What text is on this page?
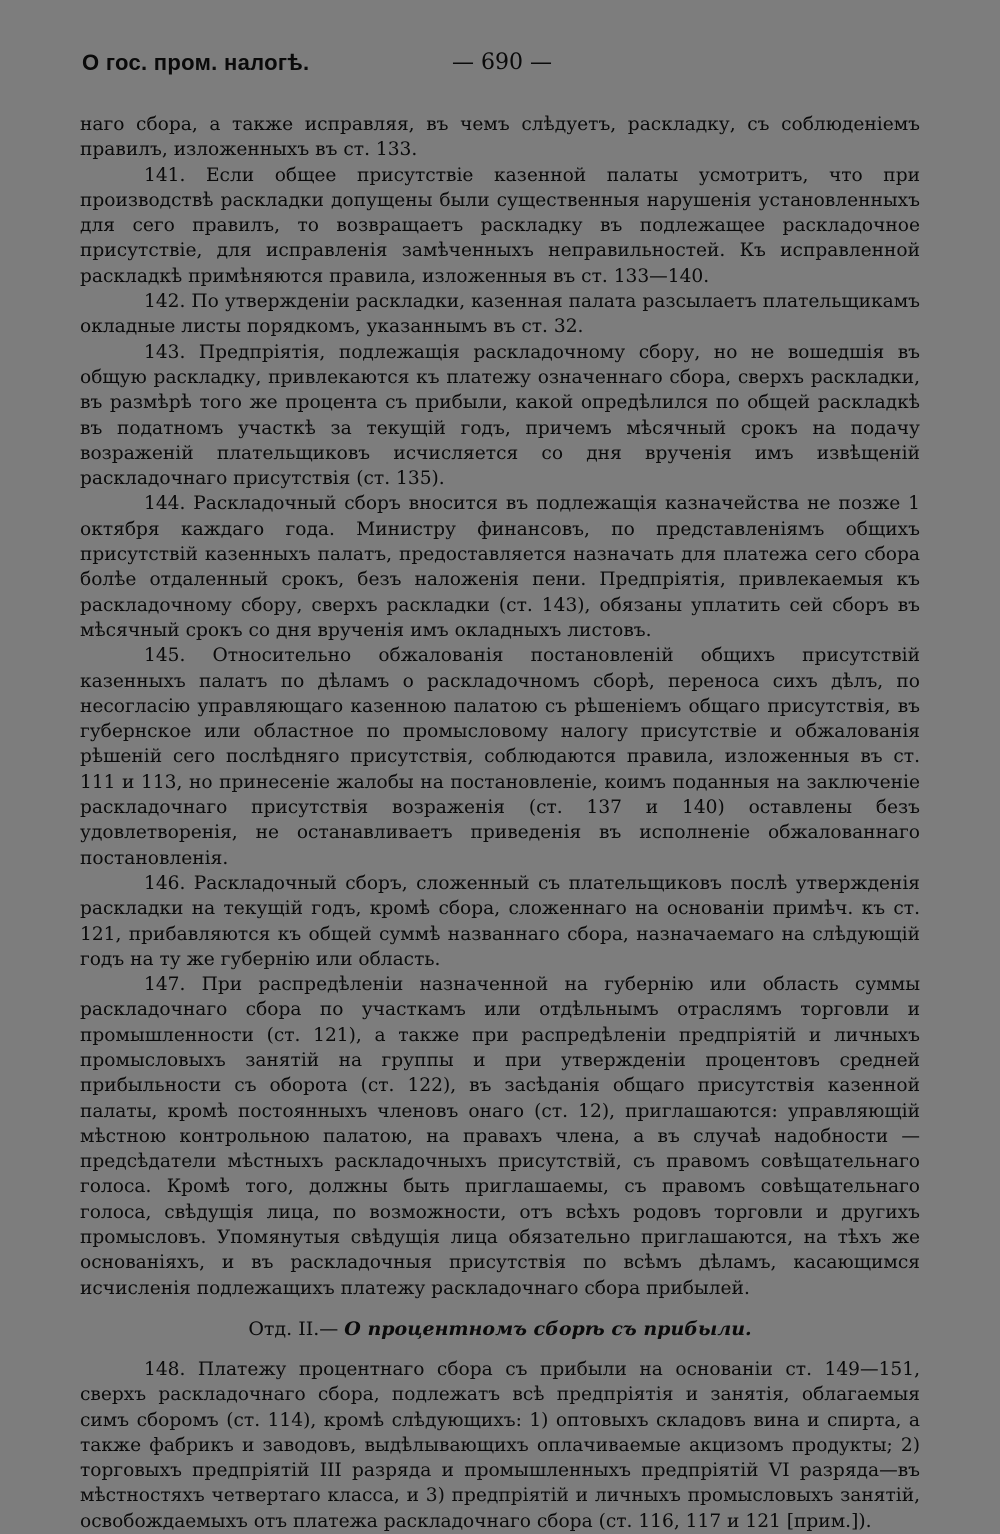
О гос. пром. налогѣ.	— 690 —

наго сбора, а также исправляя, въ чемъ слѣдуетъ, раскладку, съ соблюденіемъ правилъ, изложенныхъ въ ст. 133.

141. Если общее присутствіе казенной палаты усмотритъ, что при производствѣ раскладки допущены были существенныя нарушенія установленныхъ для сего правилъ, то возвращаетъ раскладку въ подлежащее раскладочное присутствіе, для исправленія замѣченныхъ неправильностей. Къ исправленной раскладкѣ примѣняются правила, изложенныя въ ст. 133—140.

142. По утвержденіи раскладки, казенная палата разсылаетъ плательщикамъ окладные листы порядкомъ, указаннымъ въ ст. 32.

143. Предпріятія, подлежащія раскладочному сбору, но не вошедшія въ общую раскладку, привлекаются къ платежу означеннаго сбора, сверхъ раскладки, въ размѣрѣ того же процента съ прибыли, какой опредѣлился по общей раскладкѣ въ податномъ участкѣ за текущій годъ, причемъ мѣсячный срокъ на подачу возраженій плательщиковъ исчисляется со дня врученія имъ извѣщеній раскладочнаго присутствія (ст. 135).

144. Раскладочный сборъ вносится въ подлежащія казначейства не позже 1 октября каждаго года. Министру финансовъ, по представленіямъ общихъ присутствій казенныхъ палатъ, предоставляется назначать для платежа сего сбора болѣе отдаленный срокъ, безъ наложенія пени. Предпріятія, привлекаемыя къ раскладочному сбору, сверхъ раскладки (ст. 143), обязаны уплатить сей сборъ въ мѣсячный срокъ со дня врученія имъ окладныхъ листовъ.

145. Относительно обжалованія постановленій общихъ присутствій казенныхъ палатъ по дѣламъ о раскладочномъ сборѣ, переноса сихъ дѣлъ, по несогласію управляющаго казенною палатою съ рѣшеніемъ общаго присутствія, въ губернское или областное по промысловому налогу присутствіе и обжалованія рѣшеній сего послѣдняго присутствія, соблюдаются правила, изложенныя въ ст. 111 и 113, но принесеніе жалобы на постановленіе, коимъ поданныя на заключеніе раскладочнаго присутствія возраженія (ст. 137 и 140) оставлены безъ удовлетворенія, не останавливаетъ приведенія въ исполненіе обжалованнаго постановленія.

146. Раскладочный сборъ, сложенный съ плательщиковъ послѣ утвержденія раскладки на текущій годъ, кромѣ сбора, сложеннаго на основаніи примѣч. къ ст. 121, прибавляются къ общей суммѣ названнаго сбора, назначаемаго на слѣдующій годъ на ту же губернію или область.

147. При распредѣленіи назначенной на губернію или область суммы раскладочнаго сбора по участкамъ или отдѣльнымъ отраслямъ торговли и промышленности (ст. 121), а также при распредѣленіи предпріятій и личныхъ промысловыхъ занятій на группы и при утвержденіи процентовъ средней прибыльности съ оборота (ст. 122), въ засѣданія общаго присутствія казенной палаты, кромѣ постоянныхъ членовъ онаго (ст. 12), приглашаются: управляющій мѣстною контрольною палатою, на правахъ члена, а въ случаѣ надобности — предсѣдатели мѣстныхъ раскладочныхъ присутствій, съ правомъ совѣщательнаго голоса. Кромѣ того, должны быть приглашаемы, съ правомъ совѣщательнаго голоса, свѣдущія лица, по возможности, отъ всѣхъ родовъ торговли и другихъ промысловъ. Упомянутыя свѣдущія лица обязательно приглашаются, на тѣхъ же основаніяхъ, и въ раскладочныя присутствія по всѣмъ дѣламъ, касающимся исчисленія подлежащихъ платежу раскладочнаго сбора прибылей.

Отд. II.— О процентномъ сборѣ съ прибыли.

148. Платежу процентнаго сбора съ прибыли на основаніи ст. 149—151, сверхъ раскладочнаго сбора, подлежатъ всѣ предпріятія и занятія, облагаемыя симъ сборомъ (ст. 114), кромѣ слѣдующихъ: 1) оптовыхъ складовъ вина и спирта, а также фабрикъ и заводовъ, выдѣлывающихъ оплачиваемые акцизомъ продукты; 2) торговыхъ предпріятій III разряда и промышленныхъ предпріятій VI разряда—въ мѣстностяхъ четвертаго класса, и 3) предпріятій и личныхъ промысловыхъ занятій, освобождаемыхъ отъ платежа раскладочнаго сбора (ст. 116, 117 и 121 [прим.]).
